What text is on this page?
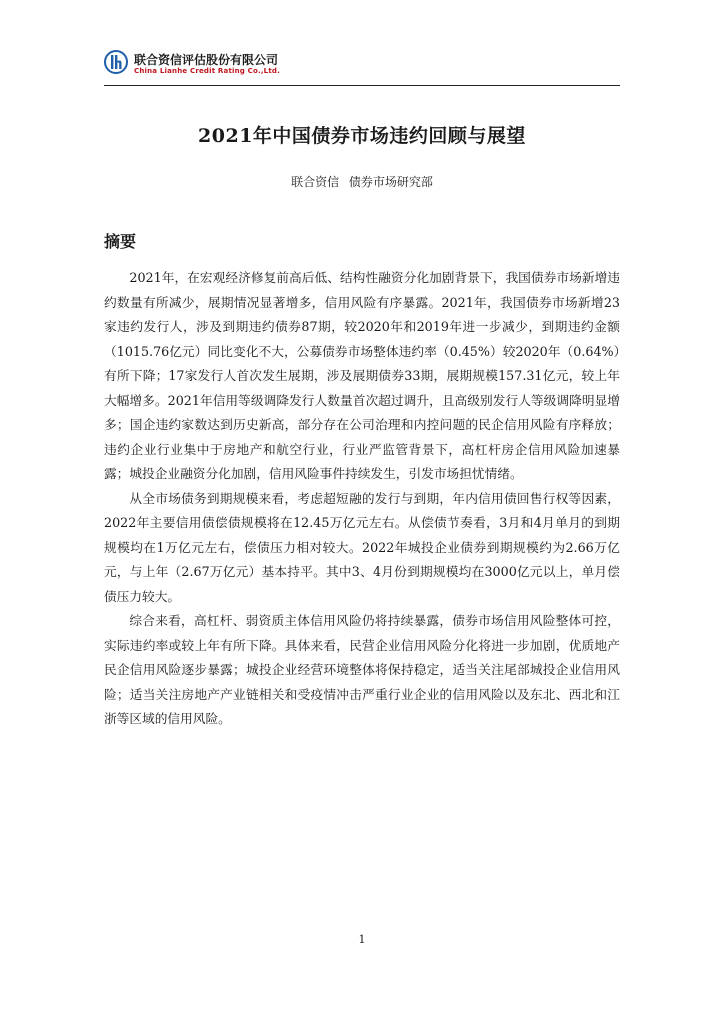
联合资信评估股份有限公司
China Lianhe Credit Rating Co.,Ltd.
2021年中国债券市场违约回顾与展望
联合资信 债券市场研究部
摘要

2021年，在宏观经济修复前高后低、结构性融资分化加剧背景下，我国债券市场新增违约数量有所减少，展期情况显著增多，信用风险有序暴露。2021年，我国债券市场新增23家违约发行人，涉及到期违约债券87期，较2020年和2019年进一步减少，到期违约金额（1015.76亿元）同比变化不大，公募债券市场整体违约率（0.45%）较2020年（0.64%）有所下降；17家发行人首次发生展期，涉及展期债券33期，展期规模157.31亿元，较上年大幅增多。2021年信用等级调降发行人数量首次超过调升，且高级别发行人等级调降明显增多；国企违约家数达到历史新高，部分存在公司治理和内控问题的民企信用风险有序释放；违约企业行业集中于房地产和航空行业，行业严监管背景下，高杠杆房企信用风险加速暴露；城投企业融资分化加剧，信用风险事件持续发生，引发市场担忧情绪。

从全市场债务到期规模来看，考虑超短融的发行与到期，年内信用债回售行权等因素，2022年主要信用债偿债规模将在12.45万亿元左右。从偿债节奏看，3月和4月单月的到期规模均在1万亿元左右，偿债压力相对较大。2022年城投企业债券到期规模约为2.66万亿元，与上年（2.67万亿元）基本持平。其中3、4月份到期规模均在3000亿元以上，单月偿债压力较大。

综合来看，高杠杆、弱资质主体信用风险仍将持续暴露，债券市场信用风险整体可控，实际违约率或较上年有所下降。具体来看，民营企业信用风险分化将进一步加剧，优质地产民企信用风险逐步暴露；城投企业经营环境整体将保持稳定，适当关注尾部城投企业信用风险；适当关注房地产产业链相关和受疫情冲击严重行业企业的信用风险以及东北、西北和江浙等区域的信用风险。

1
